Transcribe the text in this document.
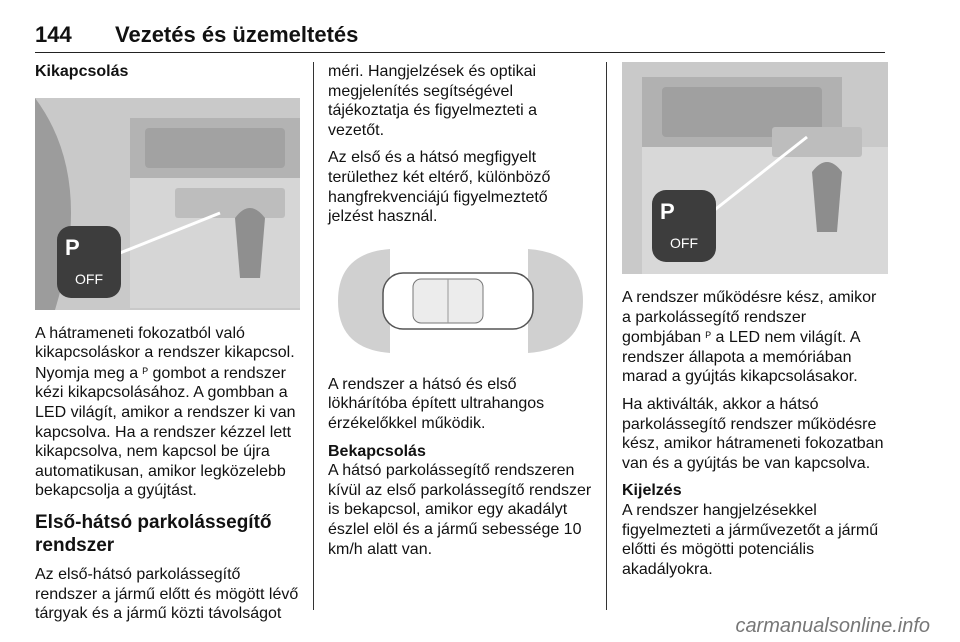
144 Vezetés és üzemeltetés
Kikapcsolás
P
OFF

A hátrameneti fokozatból való kikapcsoláskor a rendszer kikapcsol. Nyomja meg a ᴾ gombot a rendszer kézi kikapcsolásához. A gombban a LED világít, amikor a rendszer ki van kapcsolva. Ha a rendszer kézzel lett kikapcsolva, nem kapcsol be újra automatikusan, amikor legközelebb bekapcsolja a gyújtást.

Első-hátsó parkolássegítő rendszer

Az első-hátsó parkolássegítő rendszer a jármű előtt és mögött lévő tárgyak és a jármű közti távolságot

méri. Hangjelzések és optikai megjelenítés segítségével tájékoztatja és figyelmezteti a vezetőt.

Az első és a hátsó megfigyelt területhez két eltérő, különböző hangfrekvenciájú figyelmeztető jelzést használ.

A rendszer a hátsó és első lökhárítóba épített ultrahangos érzékelőkkel működik.

Bekapcsolás

A hátsó parkolássegítő rendszeren kívül az első parkolássegítő rendszer is bekapcsol, amikor egy akadályt észlel elöl és a jármű sebessége 10 km/h alatt van.

P
OFF

A rendszer működésre kész, amikor a parkolássegítő rendszer gombjában ᴾ a LED nem világít. A rendszer állapota a memóriában marad a gyújtás kikapcsolásakor.

Ha aktiválták, akkor a hátsó parkolássegítő rendszer működésre kész, amikor hátrameneti fokozatban van és a gyújtás be van kapcsolva.

Kijelzés

A rendszer hangjelzésekkel figyelmezteti a járművezetőt a jármű előtti és mögötti potenciális akadályokra.

carmanualsonline.info
